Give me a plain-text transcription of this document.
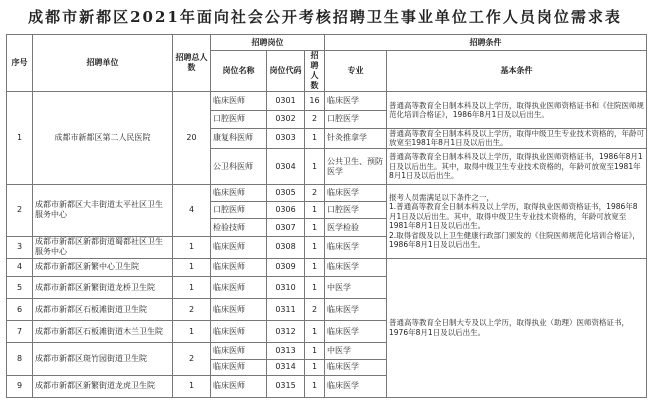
成都市新都区2021年面向社会公开考核招聘卫生事业单位工作人员岗位需求表
序号	招聘单位	招聘总人数	招聘岗位			招聘条件	
			岗位名称	岗位代码	招聘人数	专业	基本条件
1	成都市新都区第二人民医院	20	临床医师	0301	16	临床医学	普通高等教育全日制本科及以上学历，取得执业医师资格证书和《住院医师规范化培训合格证》，1986年8月1日及以后出生。
			口腔医师	0302	2	口腔医学	
			康复科医师	0303	1	针灸推拿学	普通高等教育全日制本科及以上学历，取得中级卫生专业技术资格的，年龄可放宽至1981年8月1日及以后出生。
			公卫科医师	0304	1	公共卫生、预防医学	普通高等教育全日制本科及以上学历，取得执业医师资格证书，1986年8月1日及以后出生。其中，取得中级卫生专业技术资格的，年龄可放宽至1981年8月1日及以后出生。
2	成都市新都区大丰街道太平社区卫生服务中心	4	临床医师	0305	2	临床医学	报考人员需满足以下条件之一，
1.普通高等教育全日制本科及以上学历，取得执业医师资格证书，1986年8月1日及以后出生。其中，取得中级卫生专业技术资格的，年龄可放宽至1981年8月1日及以后出生。
2.取得省级及以上卫生健康行政部门颁发的《住院医师规范化培训合格证》，1986年8月1日及以后出生。
			口腔医师	0306	1	口腔医学	
			检验技师	0307	1	医学检验	
3	成都市新都区新都街道蜀都社区卫生服务中心	1	临床医师	0308	1	临床医学	
4	成都市新都区新繁中心卫生院	1	临床医师	0309	1	临床医学	普通高等教育全日制大专及以上学历，取得执业（助理）医师资格证书，1976年8月1日及以后出生。
5	成都市新都区新繁街道龙桥卫生院	1	临床医师	0310	1	中医学	
6	成都市新都区石板滩街道卫生院	2	临床医师	0311	2	临床医学	
7	成都市新都区石板滩街道木兰卫生院	1	临床医师	0312	1	临床医学	
8	成都市新都区斑竹园街道卫生院	2	临床医师	0313	1	中医学	
			临床医师	0314	1	临床医学	
9	成都市新都区新繁街道龙虎卫生院	1	临床医师	0315	1	临床医学	
